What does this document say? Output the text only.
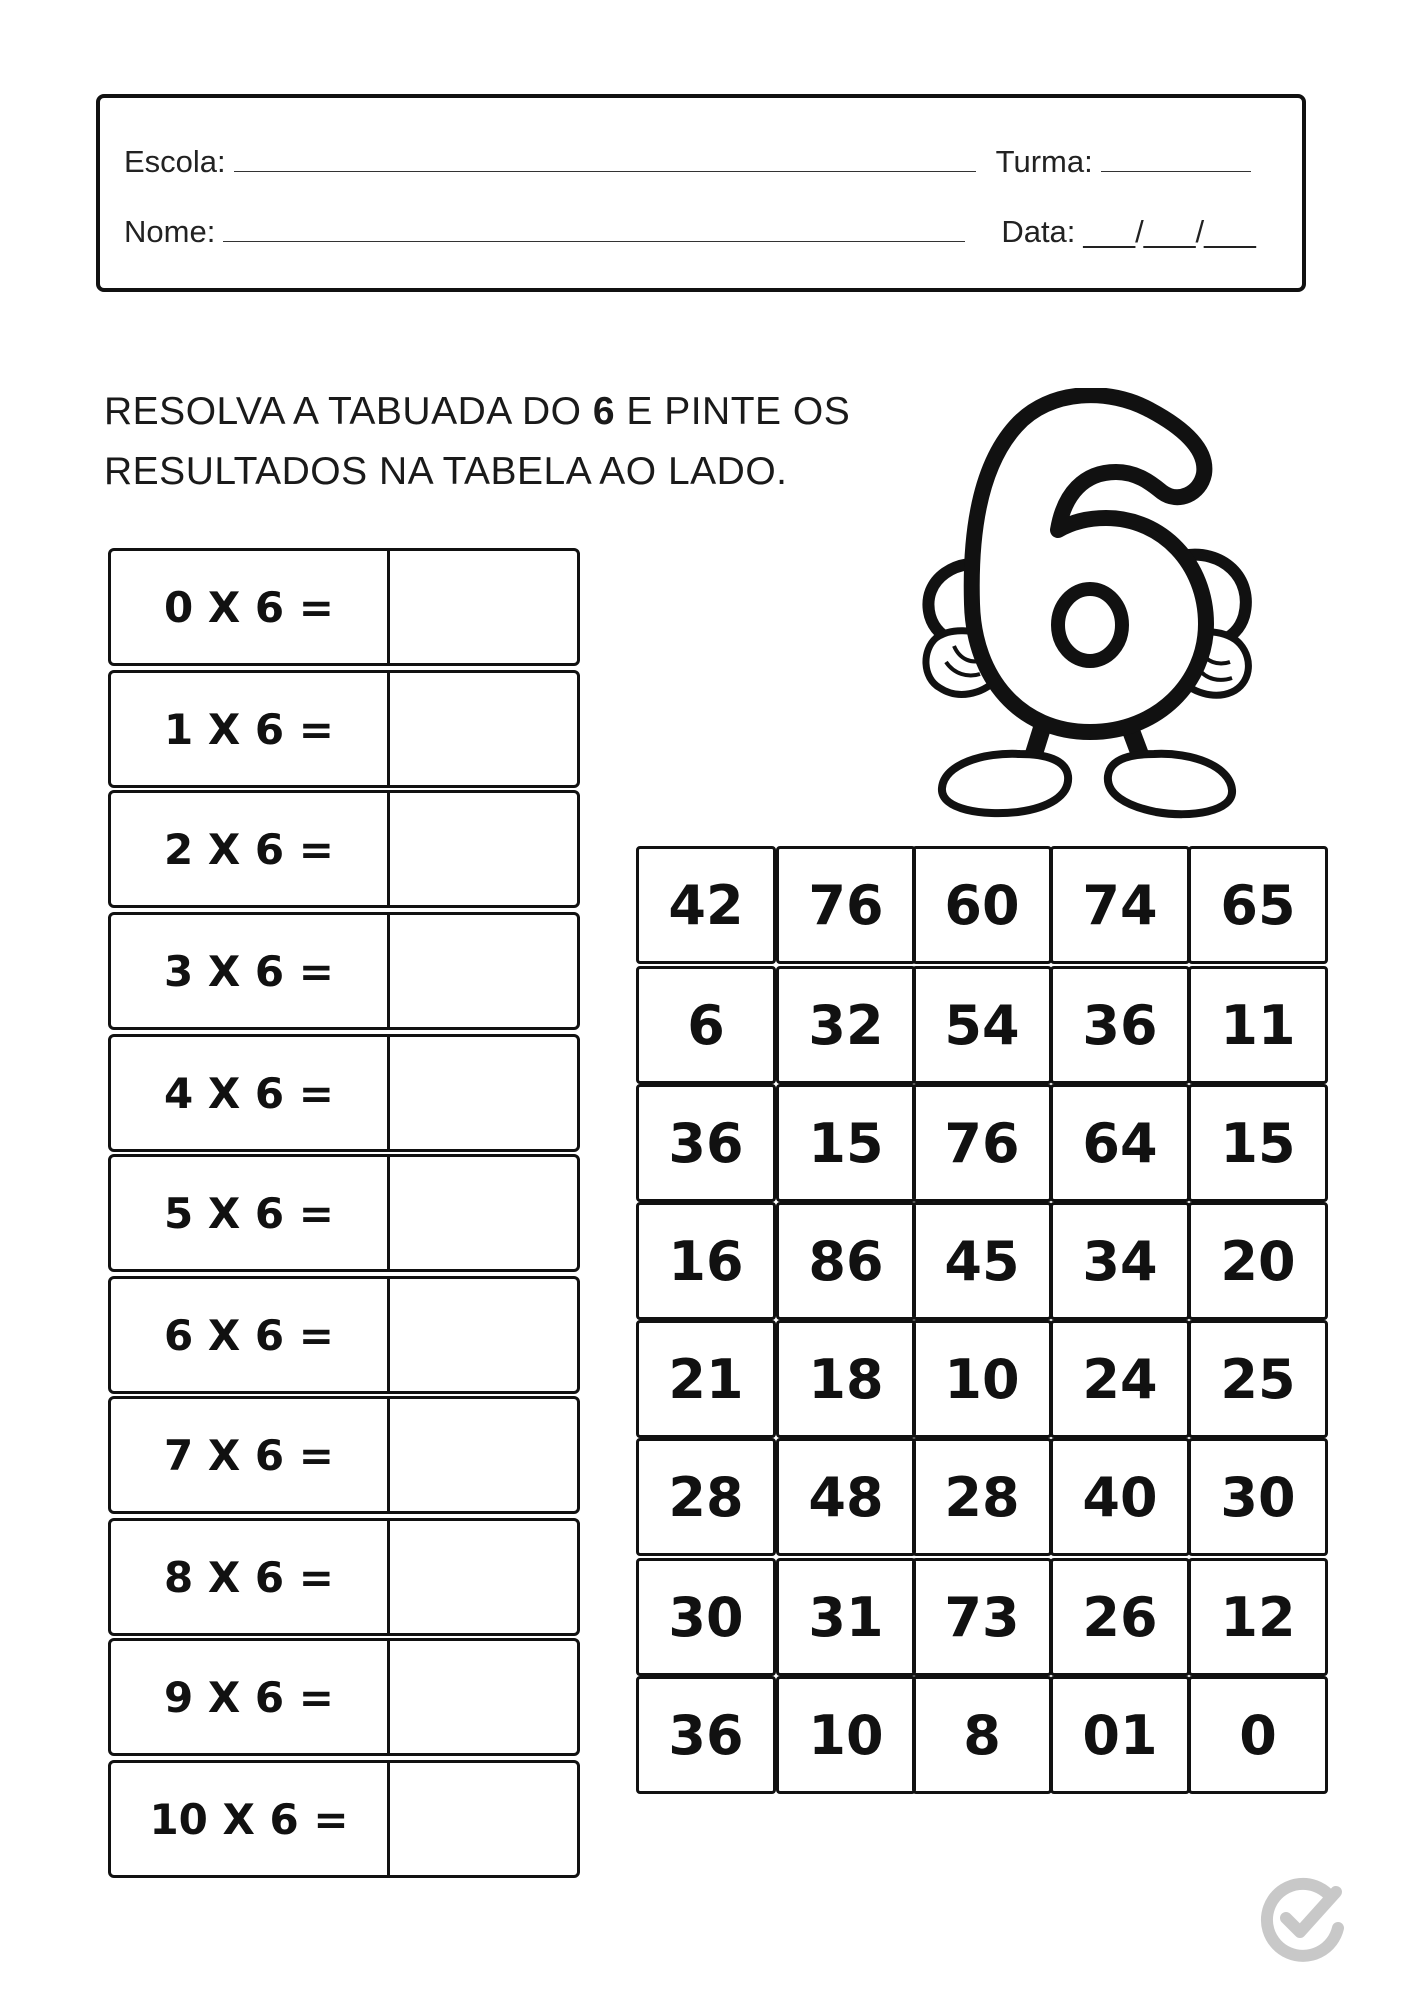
Escola:	Turma:
Nome:	Data: ___/___/___
RESOLVA A TABUADA DO 6 E PINTE OS
RESULTADOS NA TABELA AO LADO.
0 X 6 =
1 X 6 =
2 X 6 =
3 X 6 =
4 X 6 =
5 X 6 =
6 X 6 =
7 X 6 =
8 X 6 =
9 X 6 =
10 X 6 =
42	76	60	74	65
6	32	54	36	11
36	15	76	64	15
16	86	45	34	20
21	18	10	24	25
28	48	28	40	30
30	31	73	26	12
36	10	8	01	0
